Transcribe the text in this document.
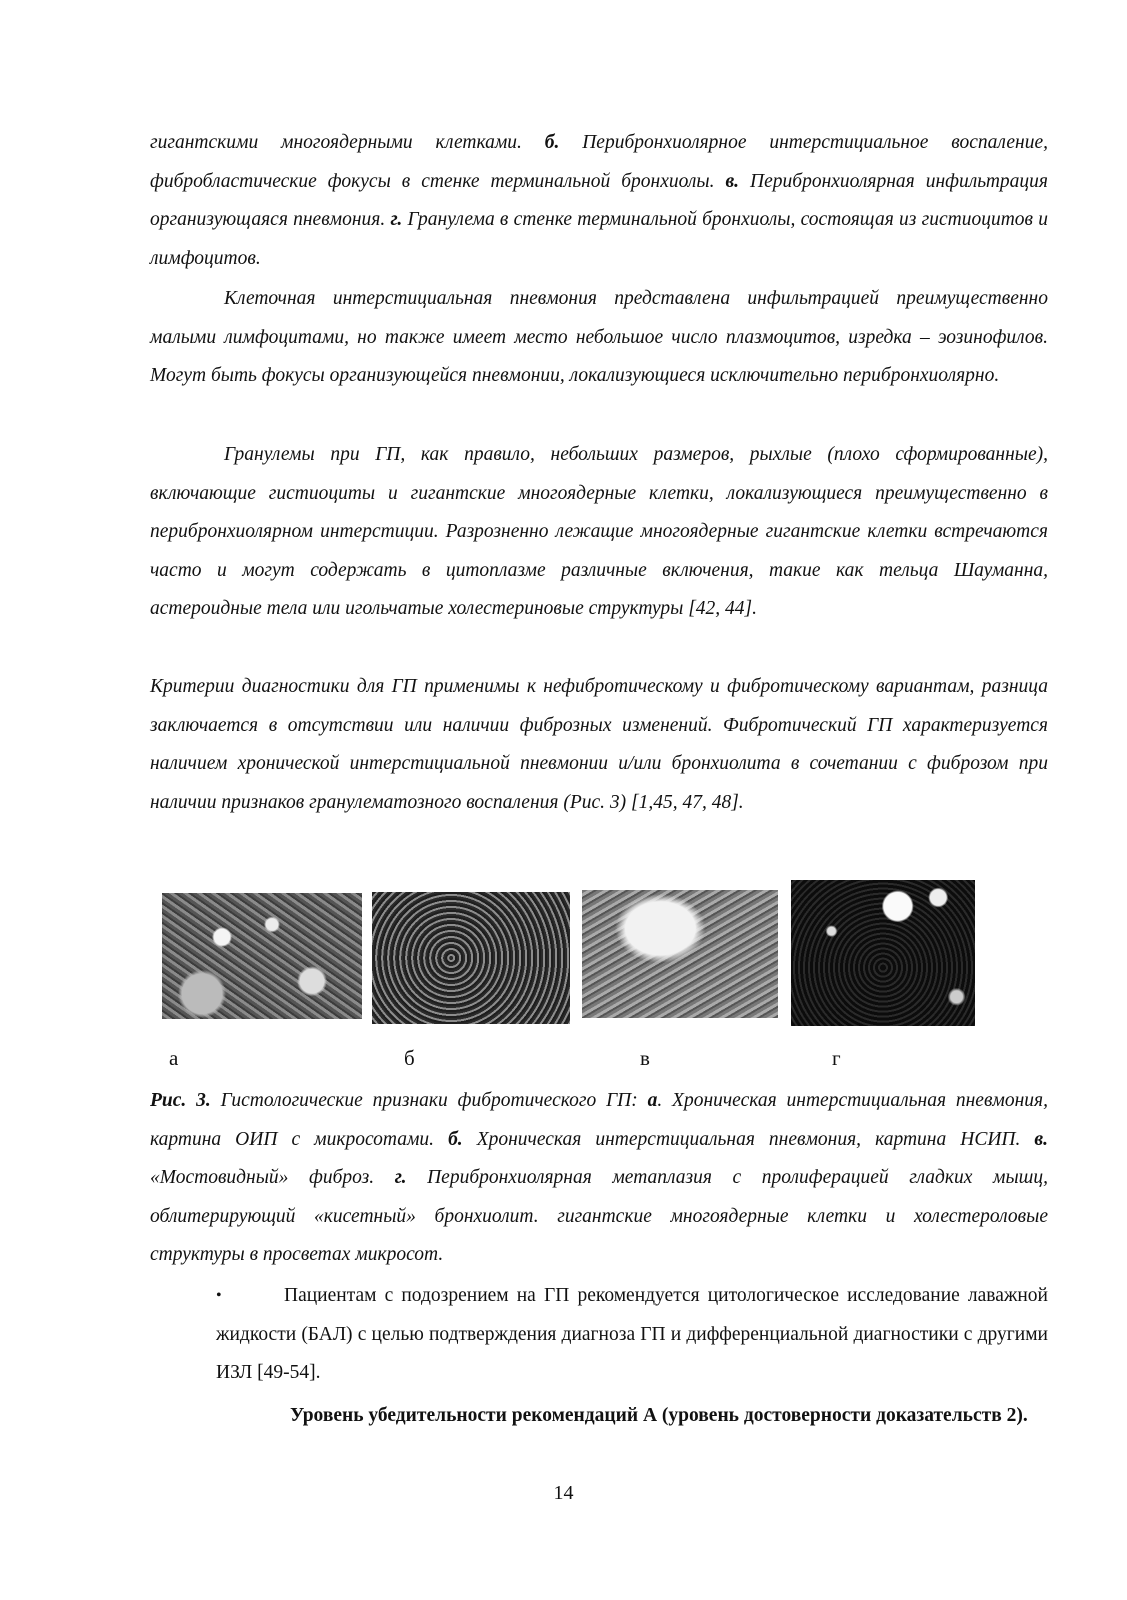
гигантскими многоядерными клетками. б. Перибронхиолярное интерстициальное воспаление, фибробластические фокусы в стенке терминальной бронхиолы. в. Перибронхиолярная инфильтрация организующаяся пневмония. г. Гранулема в стенке терминальной бронхиолы, состоящая из гистиоцитов и лимфоцитов.

Клеточная интерстициальная пневмония представлена инфильтрацией преимущественно малыми лимфоцитами, но также имеет место небольшое число плазмоцитов, изредка – эозинофилов. Могут быть фокусы организующейся пневмонии, локализующиеся исключительно перибронхиолярно.

Гранулемы при ГП, как правило, небольших размеров, рыхлые (плохо сформированные), включающие гистиоциты и гигантские многоядерные клетки, локализующиеся преимущественно в перибронхиолярном интерстиции. Разрозненно лежащие многоядерные гигантские клетки встречаются часто и могут содержать в цитоплазме различные включения, такие как тельца Шауманна, астероидные тела или игольчатые холестериновые структуры [42, 44].

Критерии диагностики для ГП применимы к нефибротическому и фибротическому вариантам, разница заключается в отсутствии или наличии фиброзных изменений. Фибротический ГП характеризуется наличием хронической интерстициальной пневмонии и/или бронхиолита в сочетании с фиброзом при наличии признаков гранулематозного воспаления (Рис. 3) [1,45, 47, 48].

а	б	в	г

Рис. 3. Гистологические признаки фибротического ГП: а. Хроническая интерстициальная пневмония, картина ОИП с микросотами. б. Хроническая интерстициальная пневмония, картина НСИП. в. «Мостовидный» фиброз. г. Перибронхиолярная метаплазия с пролиферацией гладких мышц, облитерирующий «кисетный» бронхиолит. гигантские многоядерные клетки и холестероловые структуры в просветах микросот.

•	Пациентам с подозрением на ГП рекомендуется цитологическое исследование лаважной жидкости (БАЛ) с целью подтверждения диагноза ГП и дифференциальной диагностики с другими ИЗЛ [49-54].

Уровень убедительности рекомендаций А (уровень достоверности доказательств 2).

14
